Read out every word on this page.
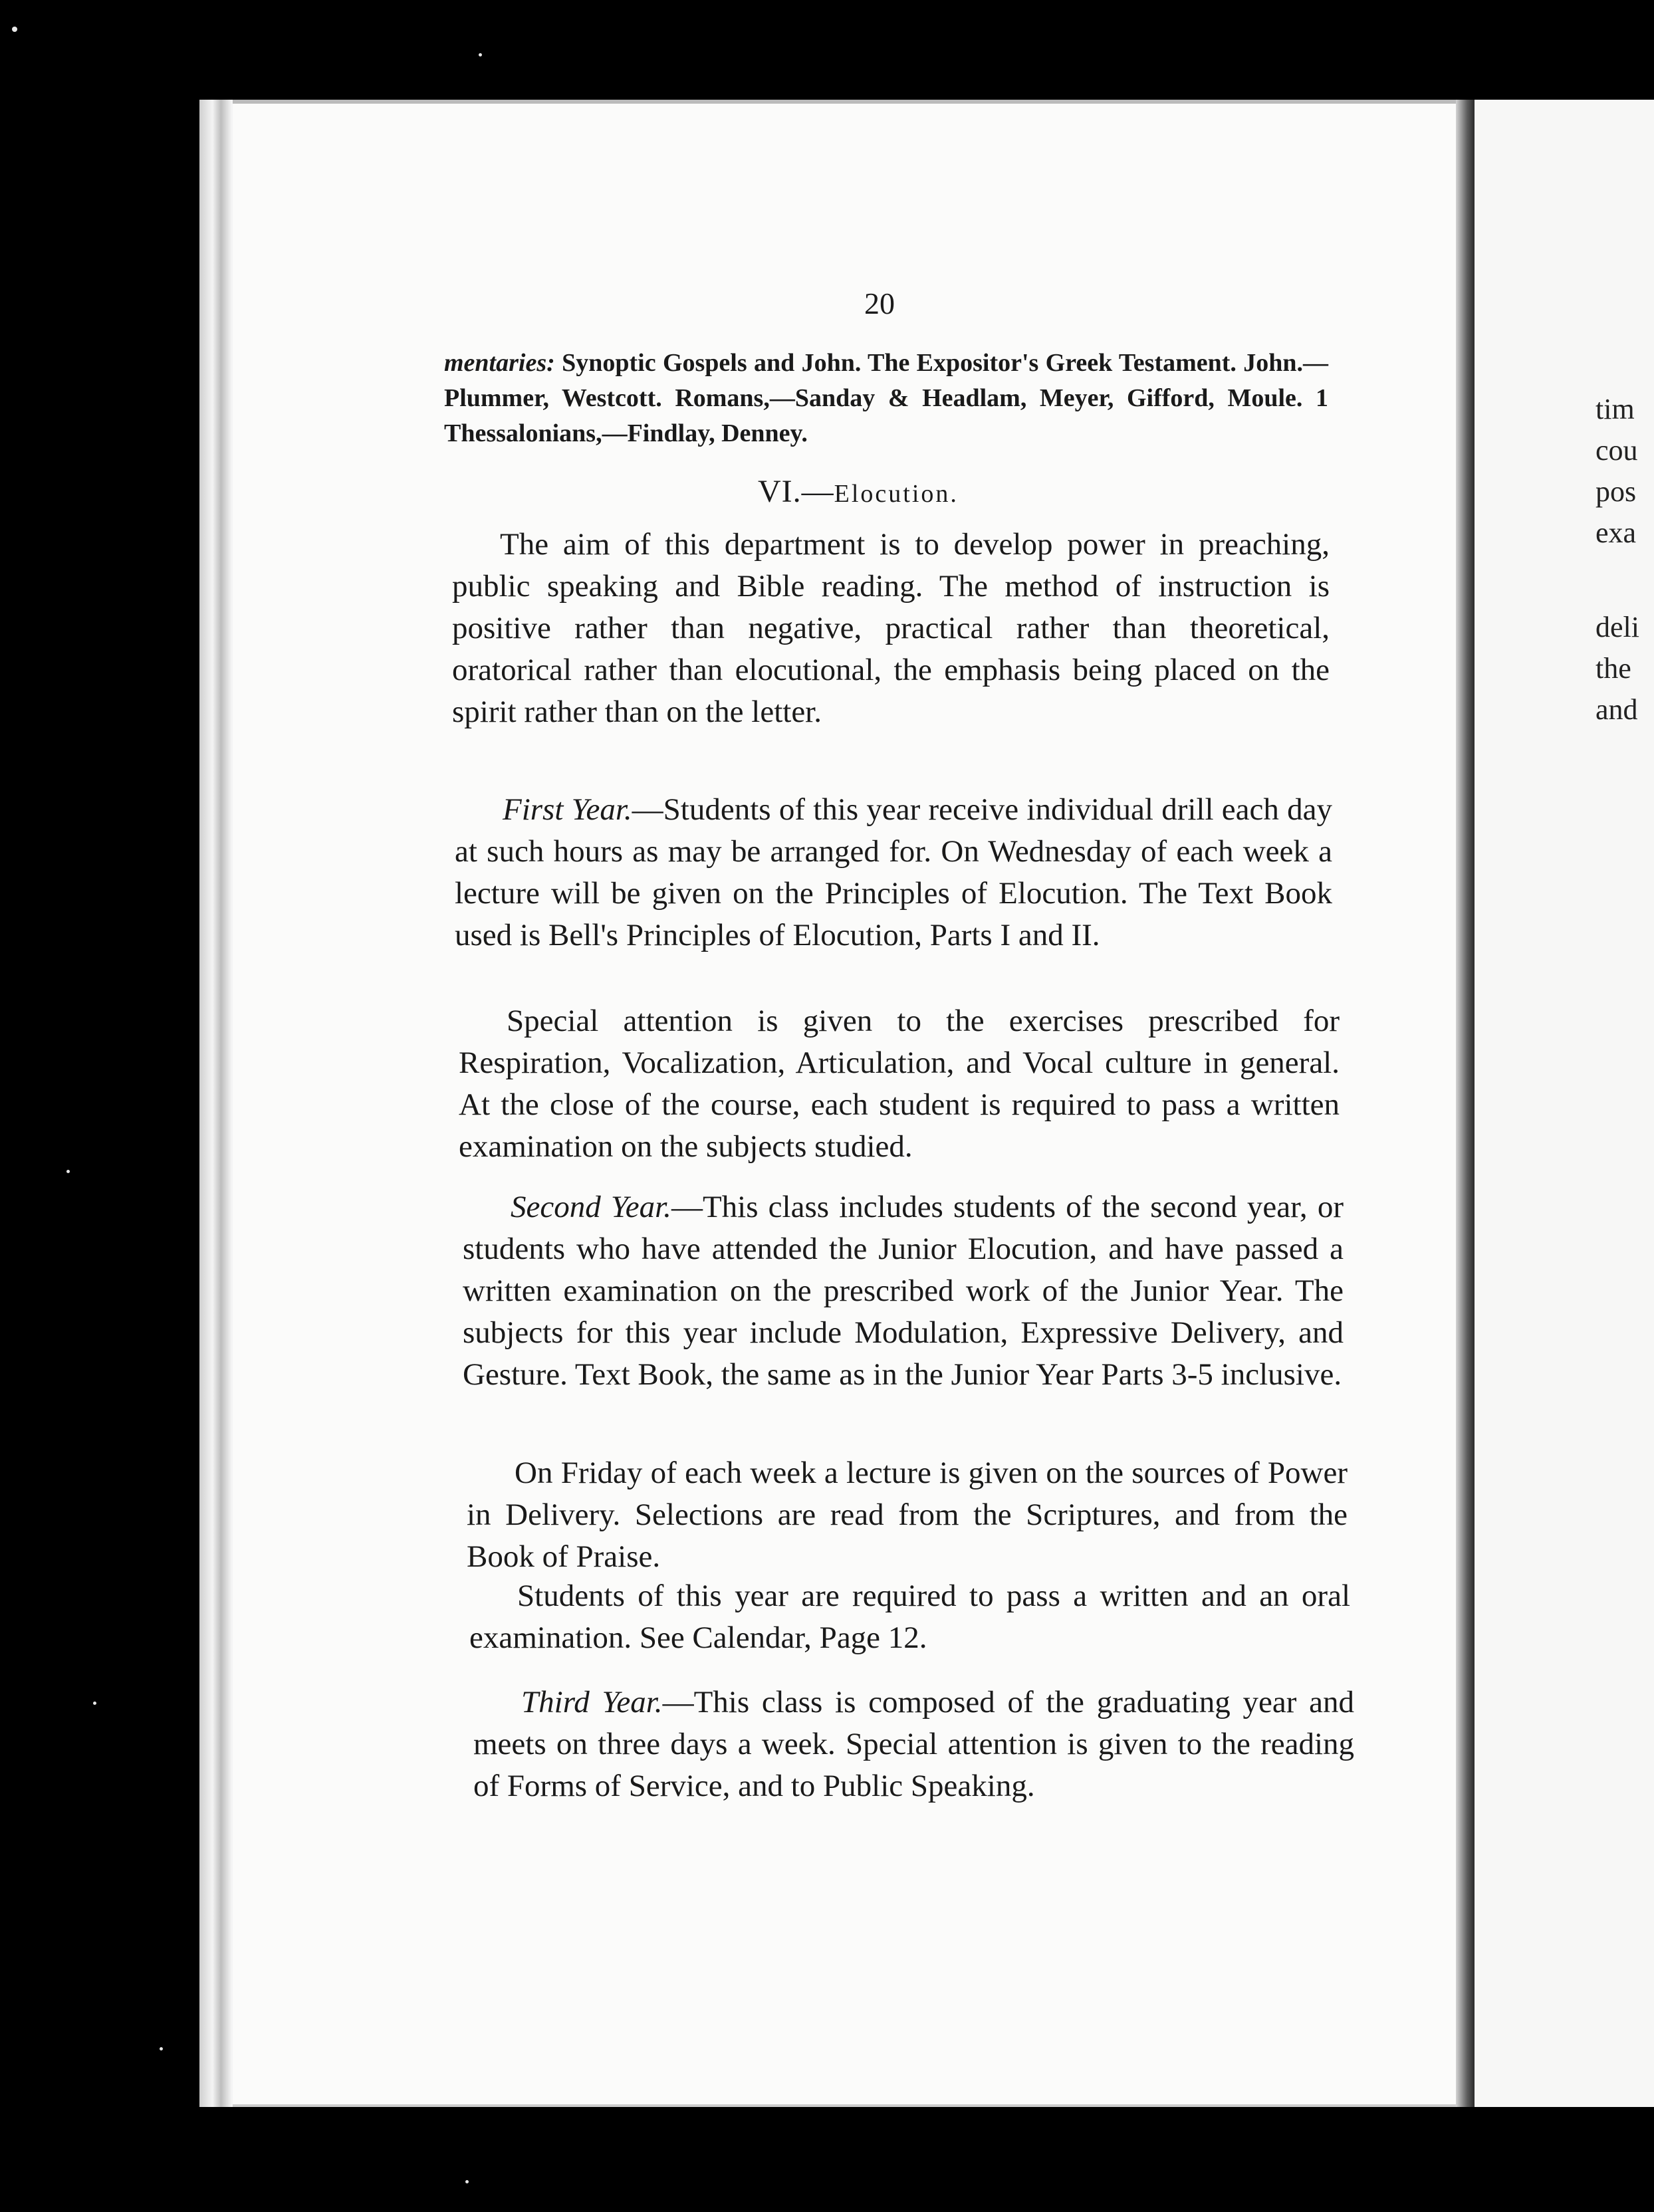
tim
cou
pos
exa
deli
the
and
20
mentaries: Synoptic Gospels and John. The Expositor's Greek Testament. John.—Plummer, Westcott. Romans,—Sanday & Headlam, Meyer, Gifford, Moule. 1 Thessalonians,—Findlay, Denney.
VI.—Elocution.
The aim of this department is to develop power in preaching, public speaking and Bible reading. The method of instruction is positive rather than negative, practical rather than theoretical, oratorical rather than elocutional, the emphasis being placed on the spirit rather than on the letter.
First Year.—Students of this year receive individual drill each day at such hours as may be arranged for. On Wednesday of each week a lecture will be given on the Principles of Elocution. The Text Book used is Bell's Principles of Elocution, Parts I and II.
Special attention is given to the exercises prescribed for Respiration, Vocalization, Articulation, and Vocal culture in general. At the close of the course, each student is required to pass a written examination on the subjects studied.
Second Year.—This class includes students of the second year, or students who have attended the Junior Elocution, and have passed a written examination on the prescribed work of the Junior Year. The subjects for this year include Modulation, Expressive Delivery, and Gesture. Text Book, the same as in the Junior Year Parts 3-5 inclusive.
On Friday of each week a lecture is given on the sources of Power in Delivery. Selections are read from the Scriptures, and from the Book of Praise.
Students of this year are required to pass a written and an oral examination. See Calendar, Page 12.
Third Year.—This class is composed of the graduating year and meets on three days a week. Special attention is given to the reading of Forms of Service, and to Public Speaking.
